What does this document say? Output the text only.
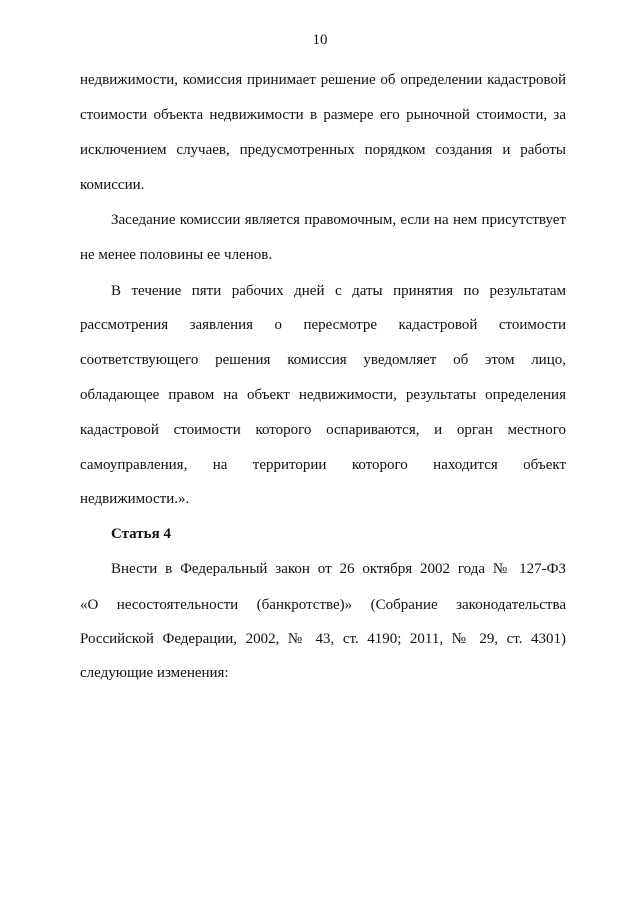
10
недвижимости, комиссия принимает решение об определении кадастровой
стоимости объекта недвижимости в размере его рыночной стоимости, за
исключением случаев, предусмотренных порядком создания и работы
комиссии.
Заседание комиссии является правомочным, если на нем присутствует
не менее половины ее членов.
В течение пяти рабочих дней с даты принятия по результатам
рассмотрения заявления о пересмотре кадастровой стоимости
соответствующего решения комиссия уведомляет об этом лицо,
обладающее правом на объект недвижимости, результаты определения
кадастровой стоимости которого оспариваются, и орган местного
самоуправления, на территории которого находится объект
недвижимости.».
Статья 4
Внести в Федеральный закон от 26 октября 2002 года № 127-ФЗ
«О несостоятельности (банкротстве)» (Собрание законодательства
Российской Федерации, 2002, № 43, ст. 4190; 2011, № 29, ст. 4301)
следующие изменения:
